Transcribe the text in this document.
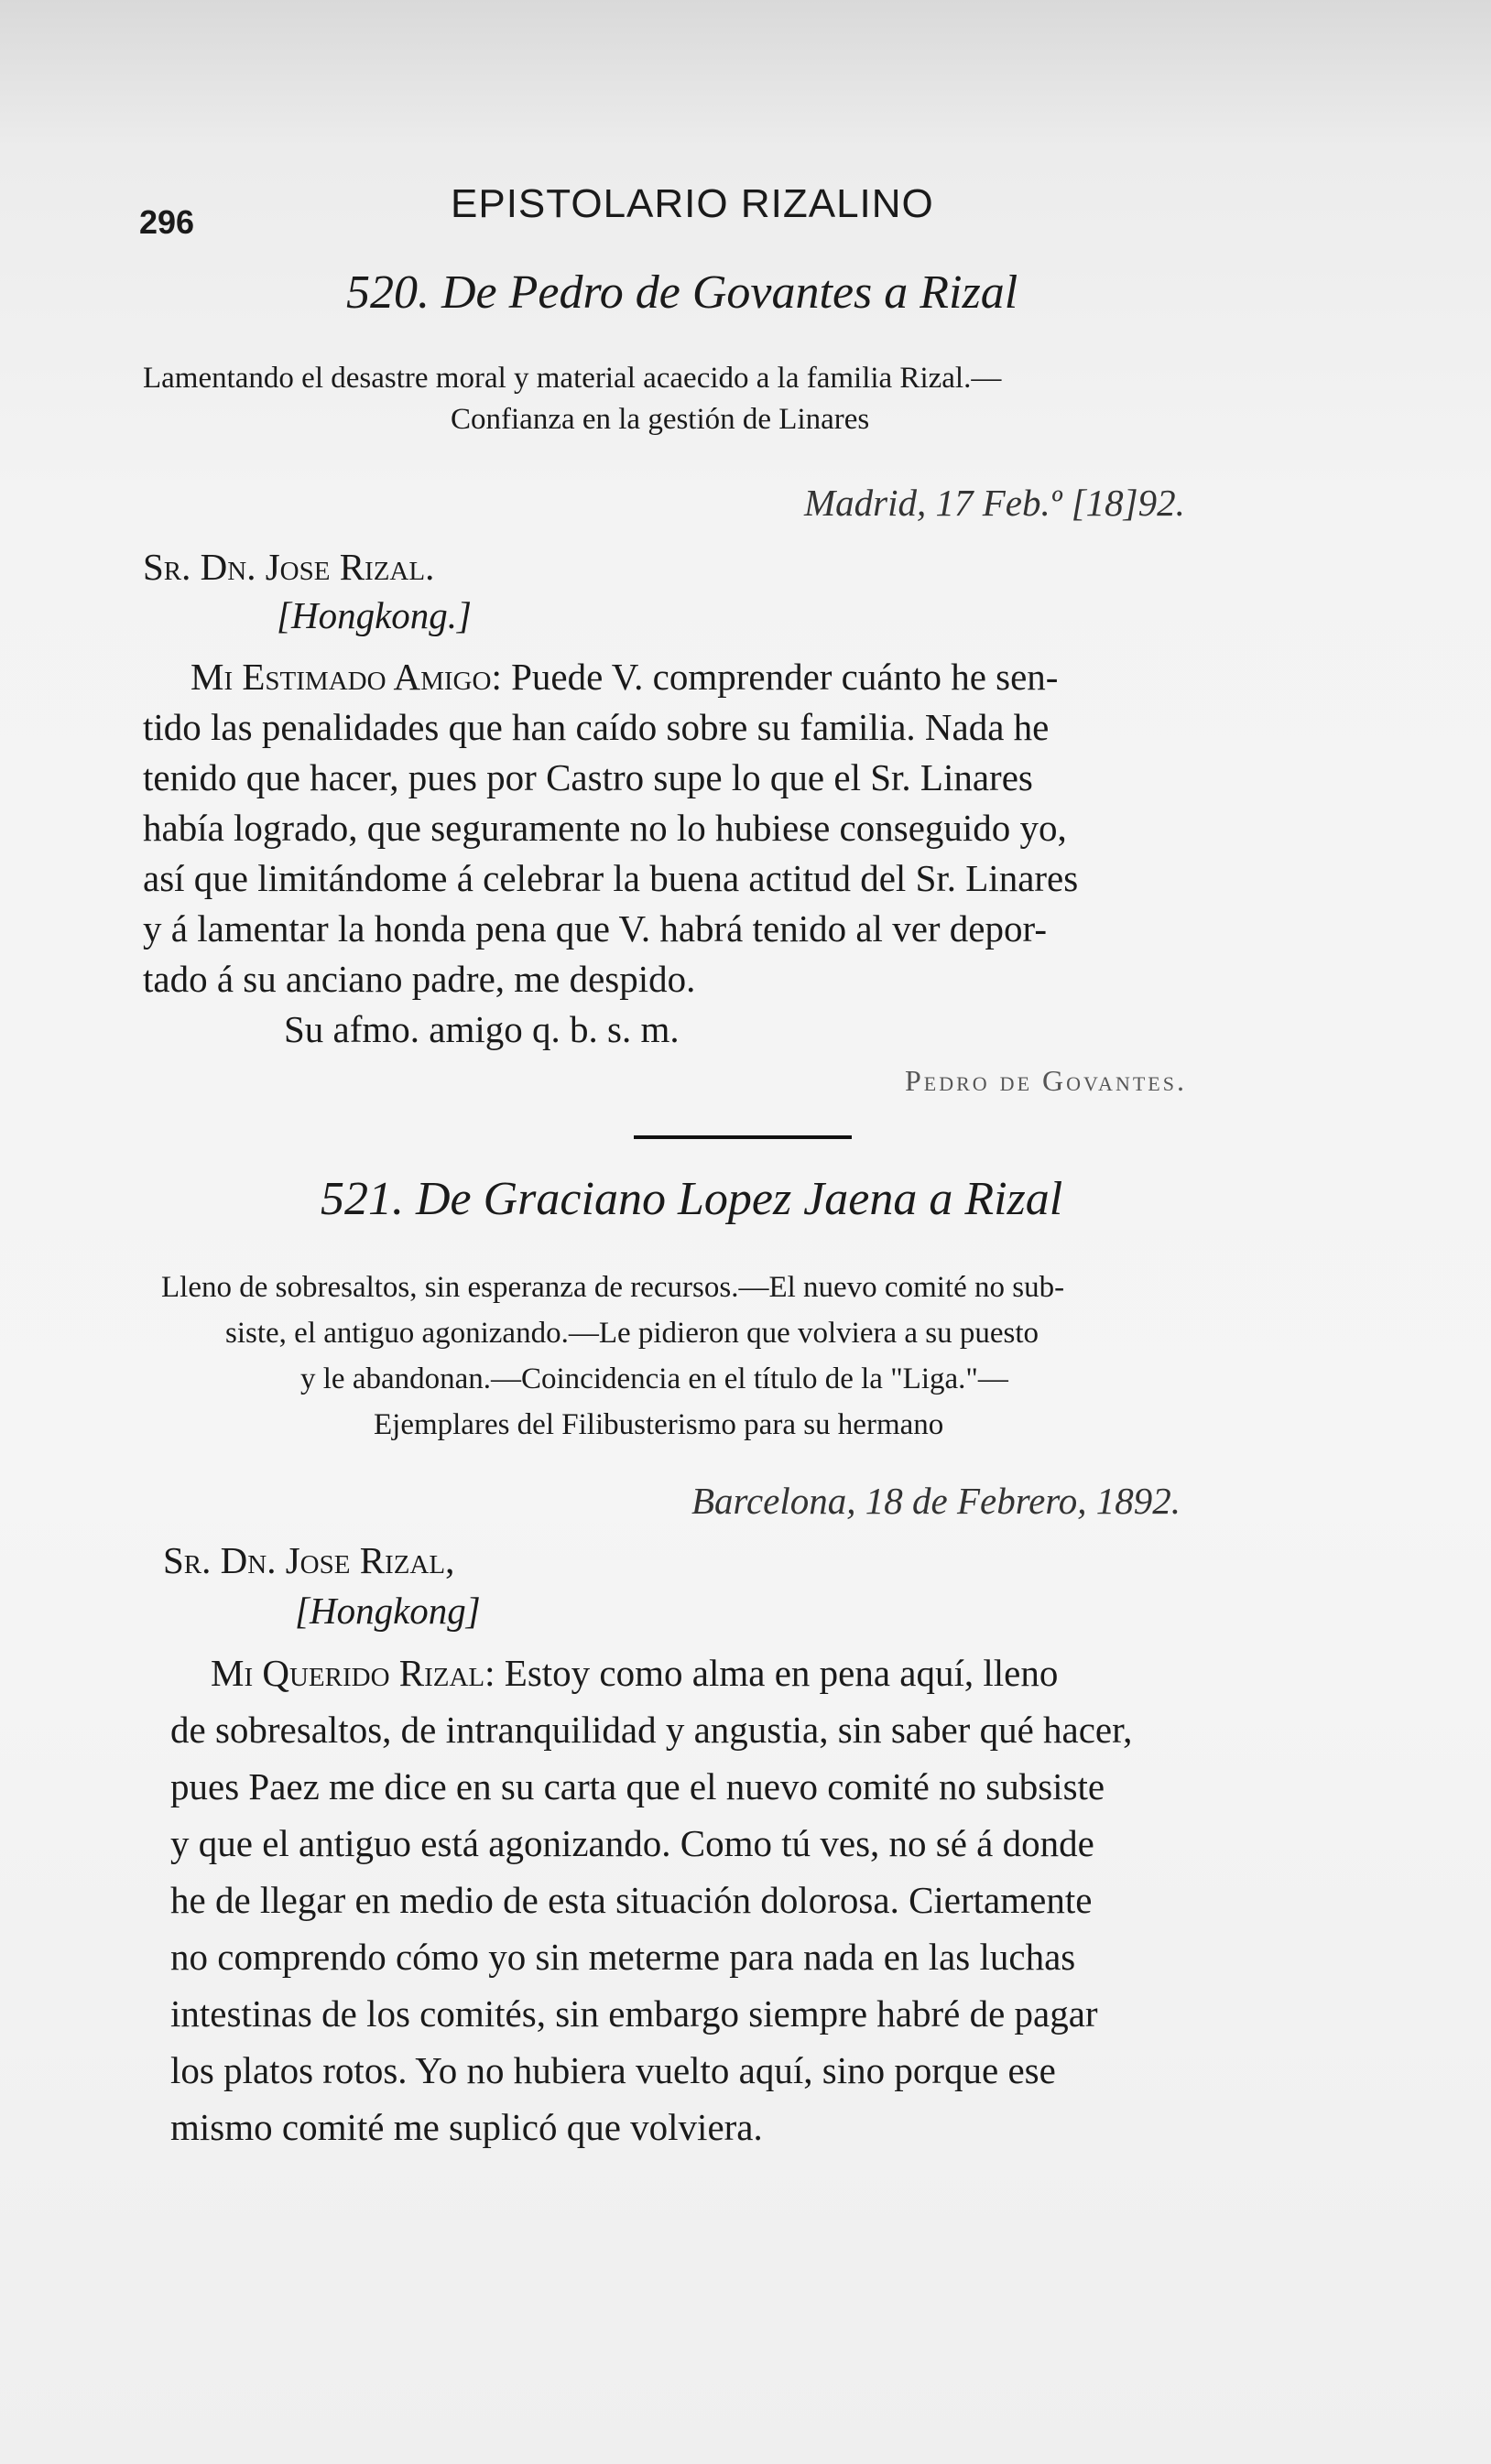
296	EPISTOLARIO RIZALINO
520. De Pedro de Govantes a Rizal
Lamentando el desastre moral y material acaecido a la familia Rizal.—
Confianza en la gestión de Linares
Madrid, 17 Feb.º [18]92.
Sr. Dn. Jose Rizal.
[Hongkong.]
Mi Estimado Amigo: Puede V. comprender cuánto he sen-
tido las penalidades que han caído sobre su familia. Nada he
tenido que hacer, pues por Castro supe lo que el Sr. Linares
había logrado, que seguramente no lo hubiese conseguido yo,
así que limitándome á celebrar la buena actitud del Sr. Linares
y á lamentar la honda pena que V. habrá tenido al ver depor-
tado á su anciano padre, me despido.
Su afmo. amigo q. b. s. m.
Pedro de Govantes.
521. De Graciano Lopez Jaena a Rizal
Lleno de sobresaltos, sin esperanza de recursos.—El nuevo comité no sub-
siste, el antiguo agonizando.—Le pidieron que volviera a su puesto
y le abandonan.—Coincidencia en el título de la "Liga."—
Ejemplares del Filibusterismo para su hermano
Barcelona, 18 de Febrero, 1892.
Sr. Dn. Jose Rizal,
[Hongkong]
Mi Querido Rizal: Estoy como alma en pena aquí, lleno
de sobresaltos, de intranquilidad y angustia, sin saber qué hacer,
pues Paez me dice en su carta que el nuevo comité no subsiste
y que el antiguo está agonizando. Como tú ves, no sé á donde
he de llegar en medio de esta situación dolorosa. Ciertamente
no comprendo cómo yo sin meterme para nada en las luchas
intestinas de los comités, sin embargo siempre habré de pagar
los platos rotos. Yo no hubiera vuelto aquí, sino porque ese
mismo comité me suplicó que volviera.
